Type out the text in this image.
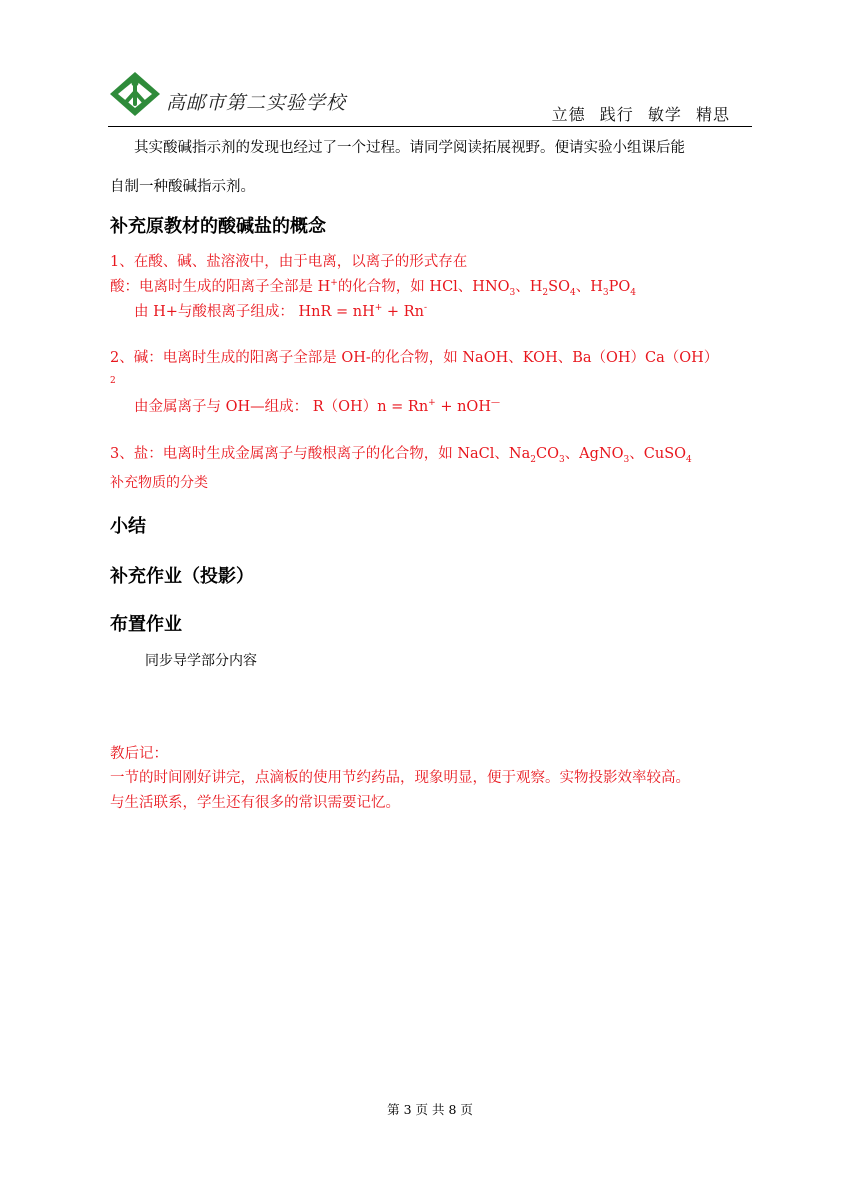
高邮市第二实验学校
立德 践行 敏学 精思
其实酸碱指示剂的发现也经过了一个过程。请同学阅读拓展视野。便请实验小组课后能
自制一种酸碱指示剂。
补充原教材的酸碱盐的概念
1、在酸、碱、盐溶液中，由于电离，以离子的形式存在
酸：电离时生成的阳离子全部是 H+的化合物，如 HCl、$HNO_3$、$H_2SO_4$、$H_3PO_4$
由 H+与酸根离子组成： HnR = nH+ + Rn-
2、碱：电离时生成的阳离子全部是 OH-的化合物，如 NaOH、KOH、Ba（OH）Ca（OH）
2
由金属离子与 OH—组成： R（OH）n = Rn+ + nOH—
3、盐：电离时生成金属离子与酸根离子的化合物，如 NaCl、$Na_2CO_3$、AgNO$_3$、CuSO$_4$
补充物质的分类
小结
补充作业（投影）
布置作业
同步导学部分内容
教后记：
一节的时间刚好讲完，点滴板的使用节约药品，现象明显，便于观察。实物投影效率较高。
与生活联系，学生还有很多的常识需要记忆。
第 3 页 共 8 页
